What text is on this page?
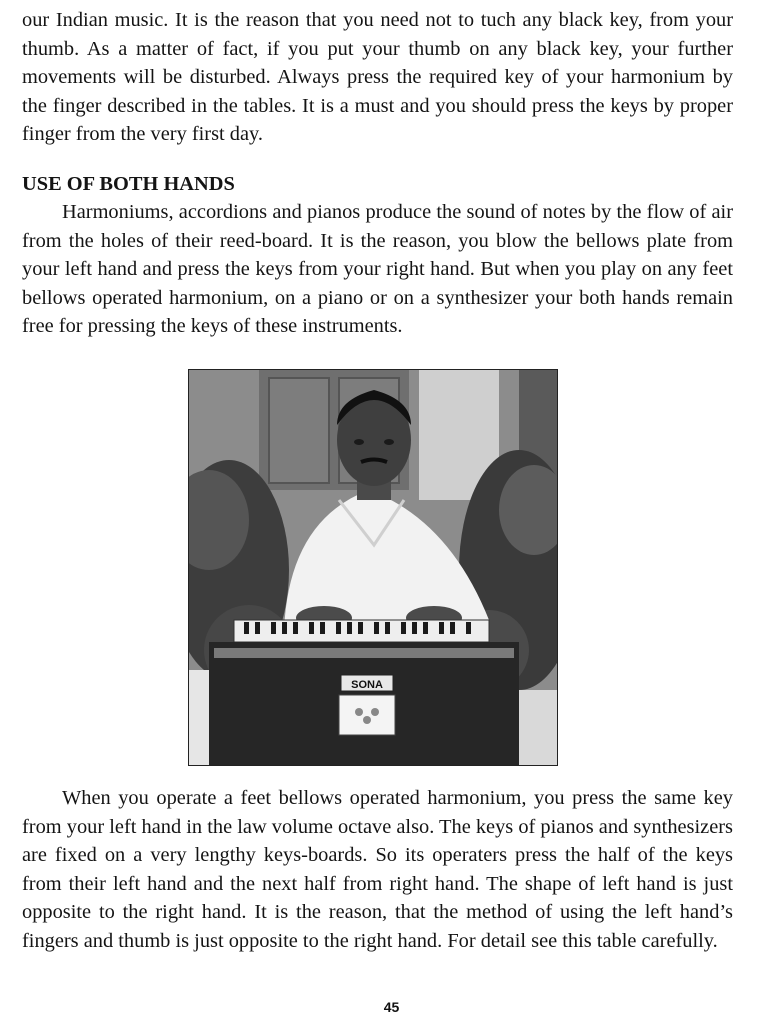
our Indian music. It is the reason that you need not to tuch any black key, from your thumb. As a matter of fact, if you put your thumb on any black key, your further movements will be disturbed. Always press the required key of your harmonium by the finger described in the tables. It is a must and you should press the keys by proper finger from the very first day.

USE OF BOTH HANDS

Harmoniums, accordions and pianos produce the sound of notes by the flow of air from the holes of their reed-board. It is the reason, you blow the bellows plate from your left hand and press the keys from your right hand. But when you play on any feet bellows operated harmonium, on a piano or on a synthesizer your both hands remain free for pressing the keys of these instruments.

When you operate a feet bellows operated harmonium, you press the same key from your left hand in the law volume octave also. The keys of pianos and synthesizers are fixed on a very lengthy keys-boards. So its operaters press the half of the keys from their left hand and the next half from right hand. The shape of left hand is just opposite to the right hand. It is the reason, that the method of using the left hand’s fingers and thumb is just opposite to the right hand. For detail see this table carefully.

SONA
45
